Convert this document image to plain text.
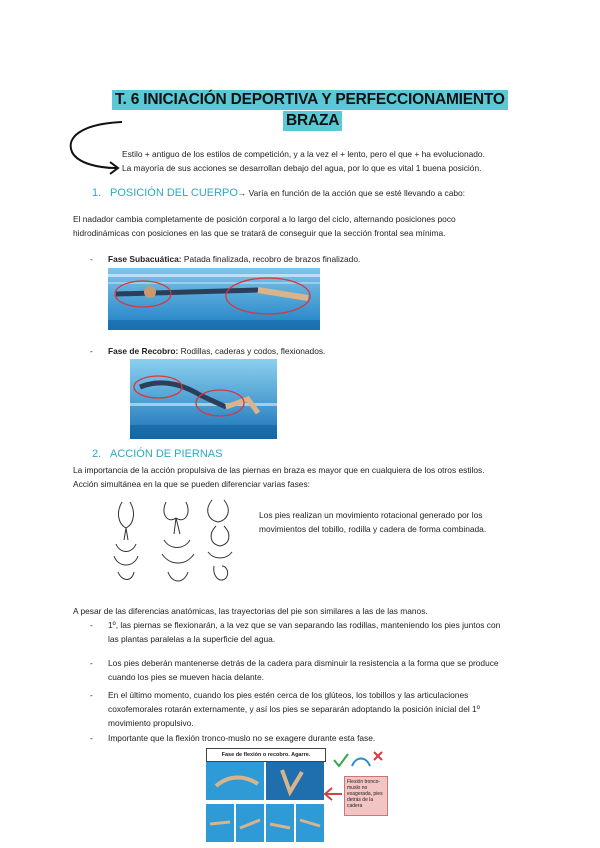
T. 6 INICIACIÓN DEPORTIVA Y PERFECCIONAMIENTO
BRAZA
Estilo + antiguo de los estilos de competición, y a la vez el + lento, pero el que + ha evolucionado.
La mayoría de sus acciones se desarrollan debajo del agua, por lo que es vital 1 buena posición.
1. POSICIÓN DEL CUERPO→ Varía en función de la acción que se esté llevando a cabo:
El nadador cambia completamente de posición corporal a lo largo del ciclo, alternando posiciones poco
hidrodinámicas con posiciones en las que se tratará de conseguir que la sección frontal sea mínima.
- Fase Subacuática: Patada finalizada, recobro de brazos finalizado.
- Fase de Recobro: Rodillas, caderas y codos, flexionados.
2. ACCIÓN DE PIERNAS
La importancia de la acción propulsiva de las piernas en braza es mayor que en cualquiera de los otros estilos.
Acción simultánea en la que se pueden diferenciar varias fases:
Los pies realizan un movimiento rotacional generado por los
movimientos del tobillo, rodilla y cadera de forma combinada.
A pesar de las diferencias anatómicas, las trayectorias del pie son similares a las de las manos.
- 1º, las piernas se flexionarán, a la vez que se van separando las rodillas, manteniendo los pies juntos con
las plantas paralelas a la superficie del agua.
- Los pies deberán mantenerse detrás de la cadera para disminuir la resistencia a la forma que se produce
cuando los pies se mueven hacia delante.
- En el último momento, cuando los pies estén cerca de los glúteos, los tobillos y las articulaciones
coxofemorales rotarán externamente, y así los pies se separarán adoptando la posición inicial del 1º
movimiento propulsivo.
- Importante que la flexión tronco-muslo no se exagere durante esta fase.
Fase de flexión o recobro. Agarre.
Flexión tronco-muslo no exagerada, pies detrás de la cadera
